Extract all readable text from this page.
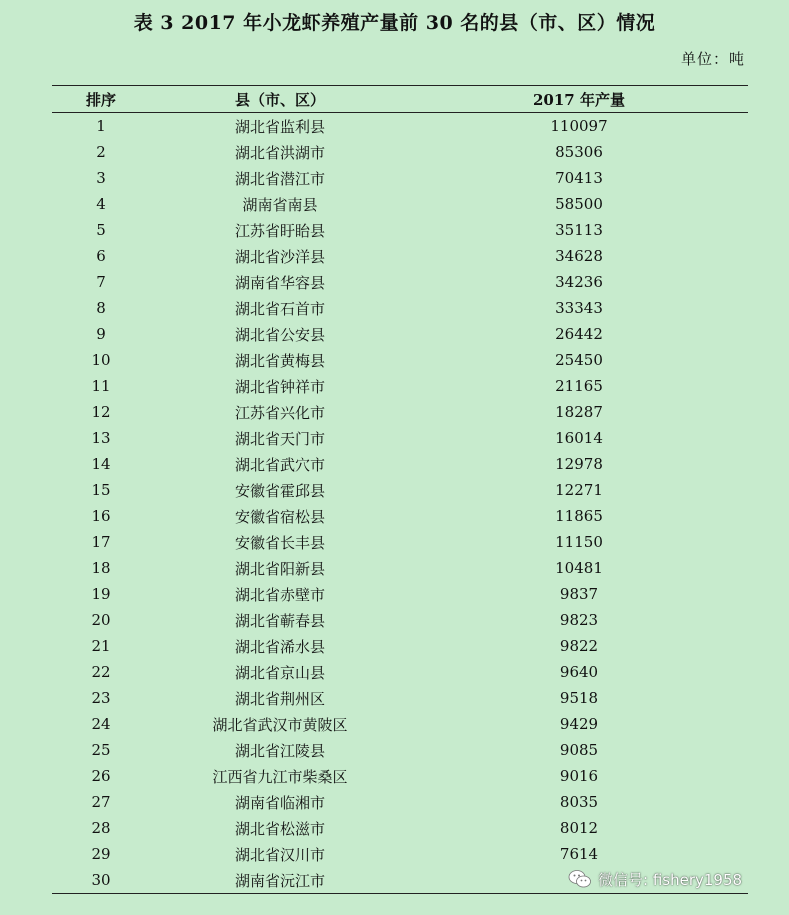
表 3 2017 年小龙虾养殖产量前 30 名的县（市、区）情况
单位：吨
排序	县（市、区）	2017 年产量
1	湖北省监利县	110097
2	湖北省洪湖市	85306
3	湖北省潜江市	70413
4	湖南省南县	58500
5	江苏省盱眙县	35113
6	湖北省沙洋县	34628
7	湖南省华容县	34236
8	湖北省石首市	33343
9	湖北省公安县	26442
10	湖北省黄梅县	25450
11	湖北省钟祥市	21165
12	江苏省兴化市	18287
13	湖北省天门市	16014
14	湖北省武穴市	12978
15	安徽省霍邱县	12271
16	安徽省宿松县	11865
17	安徽省长丰县	11150
18	湖北省阳新县	10481
19	湖北省赤壁市	9837
20	湖北省蕲春县	9823
21	湖北省浠水县	9822
22	湖北省京山县	9640
23	湖北省荆州区	9518
24	湖北省武汉市黄陂区	9429
25	湖北省江陵县	9085
26	江西省九江市柴桑区	9016
27	湖南省临湘市	8035
28	湖北省松滋市	8012
29	湖北省汉川市	7614
30	湖南省沅江市		微信号: fishery1958
